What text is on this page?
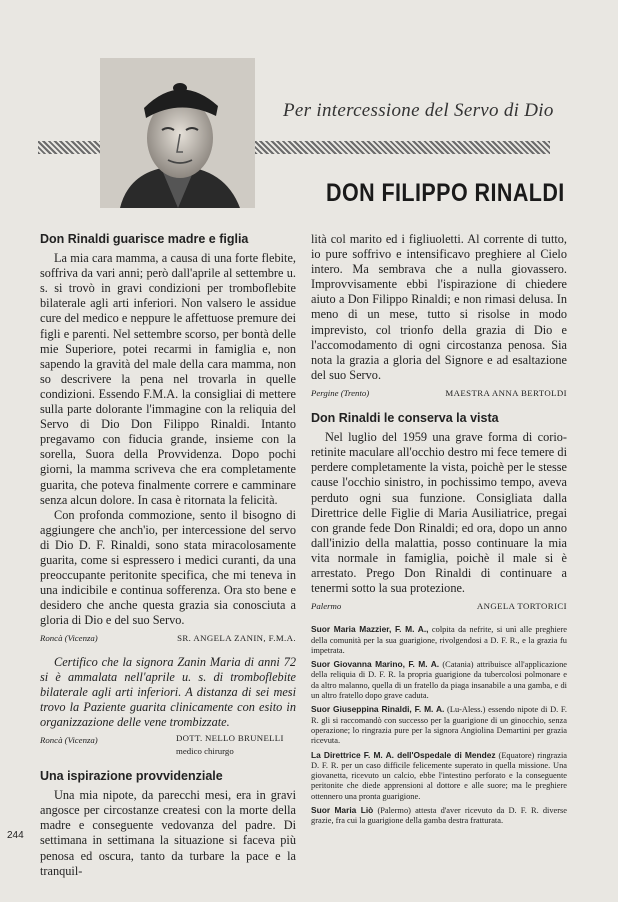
Per intercessione del Servo di Dio
DON FILIPPO RINALDI
Don Rinaldi guarisce madre e figlia

La mia cara mamma, a causa di una forte flebite, soffriva da vari anni; però dall'aprile al settembre u. s. si trovò in gravi condizioni per tromboflebite bilaterale agli arti inferiori. Non valsero le assidue cure del medico e neppure le affettuose premure dei figli e parenti. Nel settembre scorso, per bontà delle mie Superiore, potei recarmi in famiglia e, non sapendo la gravità del male della cara mamma, non so descrivere la pena nel trovarla in quelle condizioni. Essendo F.M.A. la consigliai di mettere sulla parte dolorante l'immagine con la reliquia del Servo di Dio Don Filippo Rinaldi. Intanto pregavamo con fiducia grande, insieme con la sorella, Suora della Provvidenza. Dopo pochi giorni, la mamma scriveva che era completamente guarita, che poteva finalmente correre e camminare senza alcun dolore. In casa è ritornata la felicità.

Con profonda commozione, sento il bisogno di aggiungere che anch'io, per intercessione del servo di Dio D. F. Rinaldi, sono stata miracolosamente guarita, come si espressero i medici curanti, da una preoccupante peritonite specifica, che mi teneva in una indicibile e continua sofferenza. Ora sto bene e desidero che anche questa grazia sia conosciuta a gloria di Dio e del suo Servo.

Roncà (Vicenza)	SR. ANGELA ZANIN, F.M.A.

Certifico che la signora Zanin Maria di anni 72 si è ammalata nell'aprile u. s. di tromboflebite bilaterale agli arti inferiori. A distanza di sei mesi trovo la Paziente guarita clinicamente con esito in organizzazione delle vene trombizzate.

Roncà (Vicenza)	DOTT. NELLO BRUNELLI
medico chirurgo
Una ispirazione provvidenziale

Una mia nipote, da parecchi mesi, era in gravi angosce per circostanze createsi con la morte della madre e conseguente vedovanza del padre. Di settimana in settimana la situazione si faceva più penosa ed oscura, tanto da turbare la pace e la tranquil-

lità col marito ed i figliuoletti. Al corrente di tutto, io pure soffrivo e intensificavo preghiere al Cielo intero. Ma sembrava che a nulla giovassero. Improvvisamente ebbi l'ispirazione di chiedere aiuto a Don Filippo Rinaldi; e non rimasi delusa. In meno di un mese, tutto si risolse in modo imprevisto, col trionfo della grazia di Dio e l'accomodamento di ogni circostanza penosa. Sia nota la grazia a gloria del Signore e ad esaltazione del suo Servo.

Pergine (Trento)	MAESTRA ANNA BERTOLDI
Don Rinaldi le conserva la vista

Nel luglio del 1959 una grave forma di corio-retinite maculare all'occhio destro mi fece temere di perdere completamente la vista, poichè per le stesse cause l'occhio sinistro, in pochissimo tempo, aveva perduto ogni sua funzione. Consigliata dalla Direttrice delle Figlie di Maria Ausiliatrice, pregai con grande fede Don Rinaldi; ed ora, dopo un anno dall'inizio della malattia, posso continuare la mia vita normale in famiglia, poichè il male si è arrestato. Prego Don Rinaldi di continuare a tenermi sotto la sua protezione.

Palermo	ANGELA TORTORICI

Suor Maria Mazzier, F. M. A., colpita da nefrite, si unì alle preghiere della comunità per la sua guarigione, rivolgendosi a D. F. R., e la grazia fu impetrata.

Suor Giovanna Marino, F. M. A. (Catania) attribuisce all'applicazione della reliquia di D. F. R. la propria guarigione da tubercolosi polmonare e da altro malanno, quella di un fratello da piaga insanabile a una gamba, e di un altro fratello dopo grave caduta.

Suor Giuseppina Rinaldi, F. M. A. (Lu-Aless.) essendo nipote di D. F. R. gli si raccomandò con successo per la guarigione di un ginocchio, senza operazione; lo ringrazia pure per la signora Angiolina Demartini per grazia ricevuta.

La Direttrice F. M. A. dell'Ospedale di Mendez (Equatore) ringrazia D. F. R. per un caso difficile felicemente superato in quella missione. Una giovanetta, ricevuto un calcio, ebbe l'intestino perforato e la conseguente peritonite che diede apprensioni al dottore e alle suore; ma le preghiere ottennero una pronta guarigione.

Suor Maria Liò (Palermo) attesta d'aver ricevuto da D. F. R. diverse grazie, fra cui la guarigione della gamba destra fratturata.

244
